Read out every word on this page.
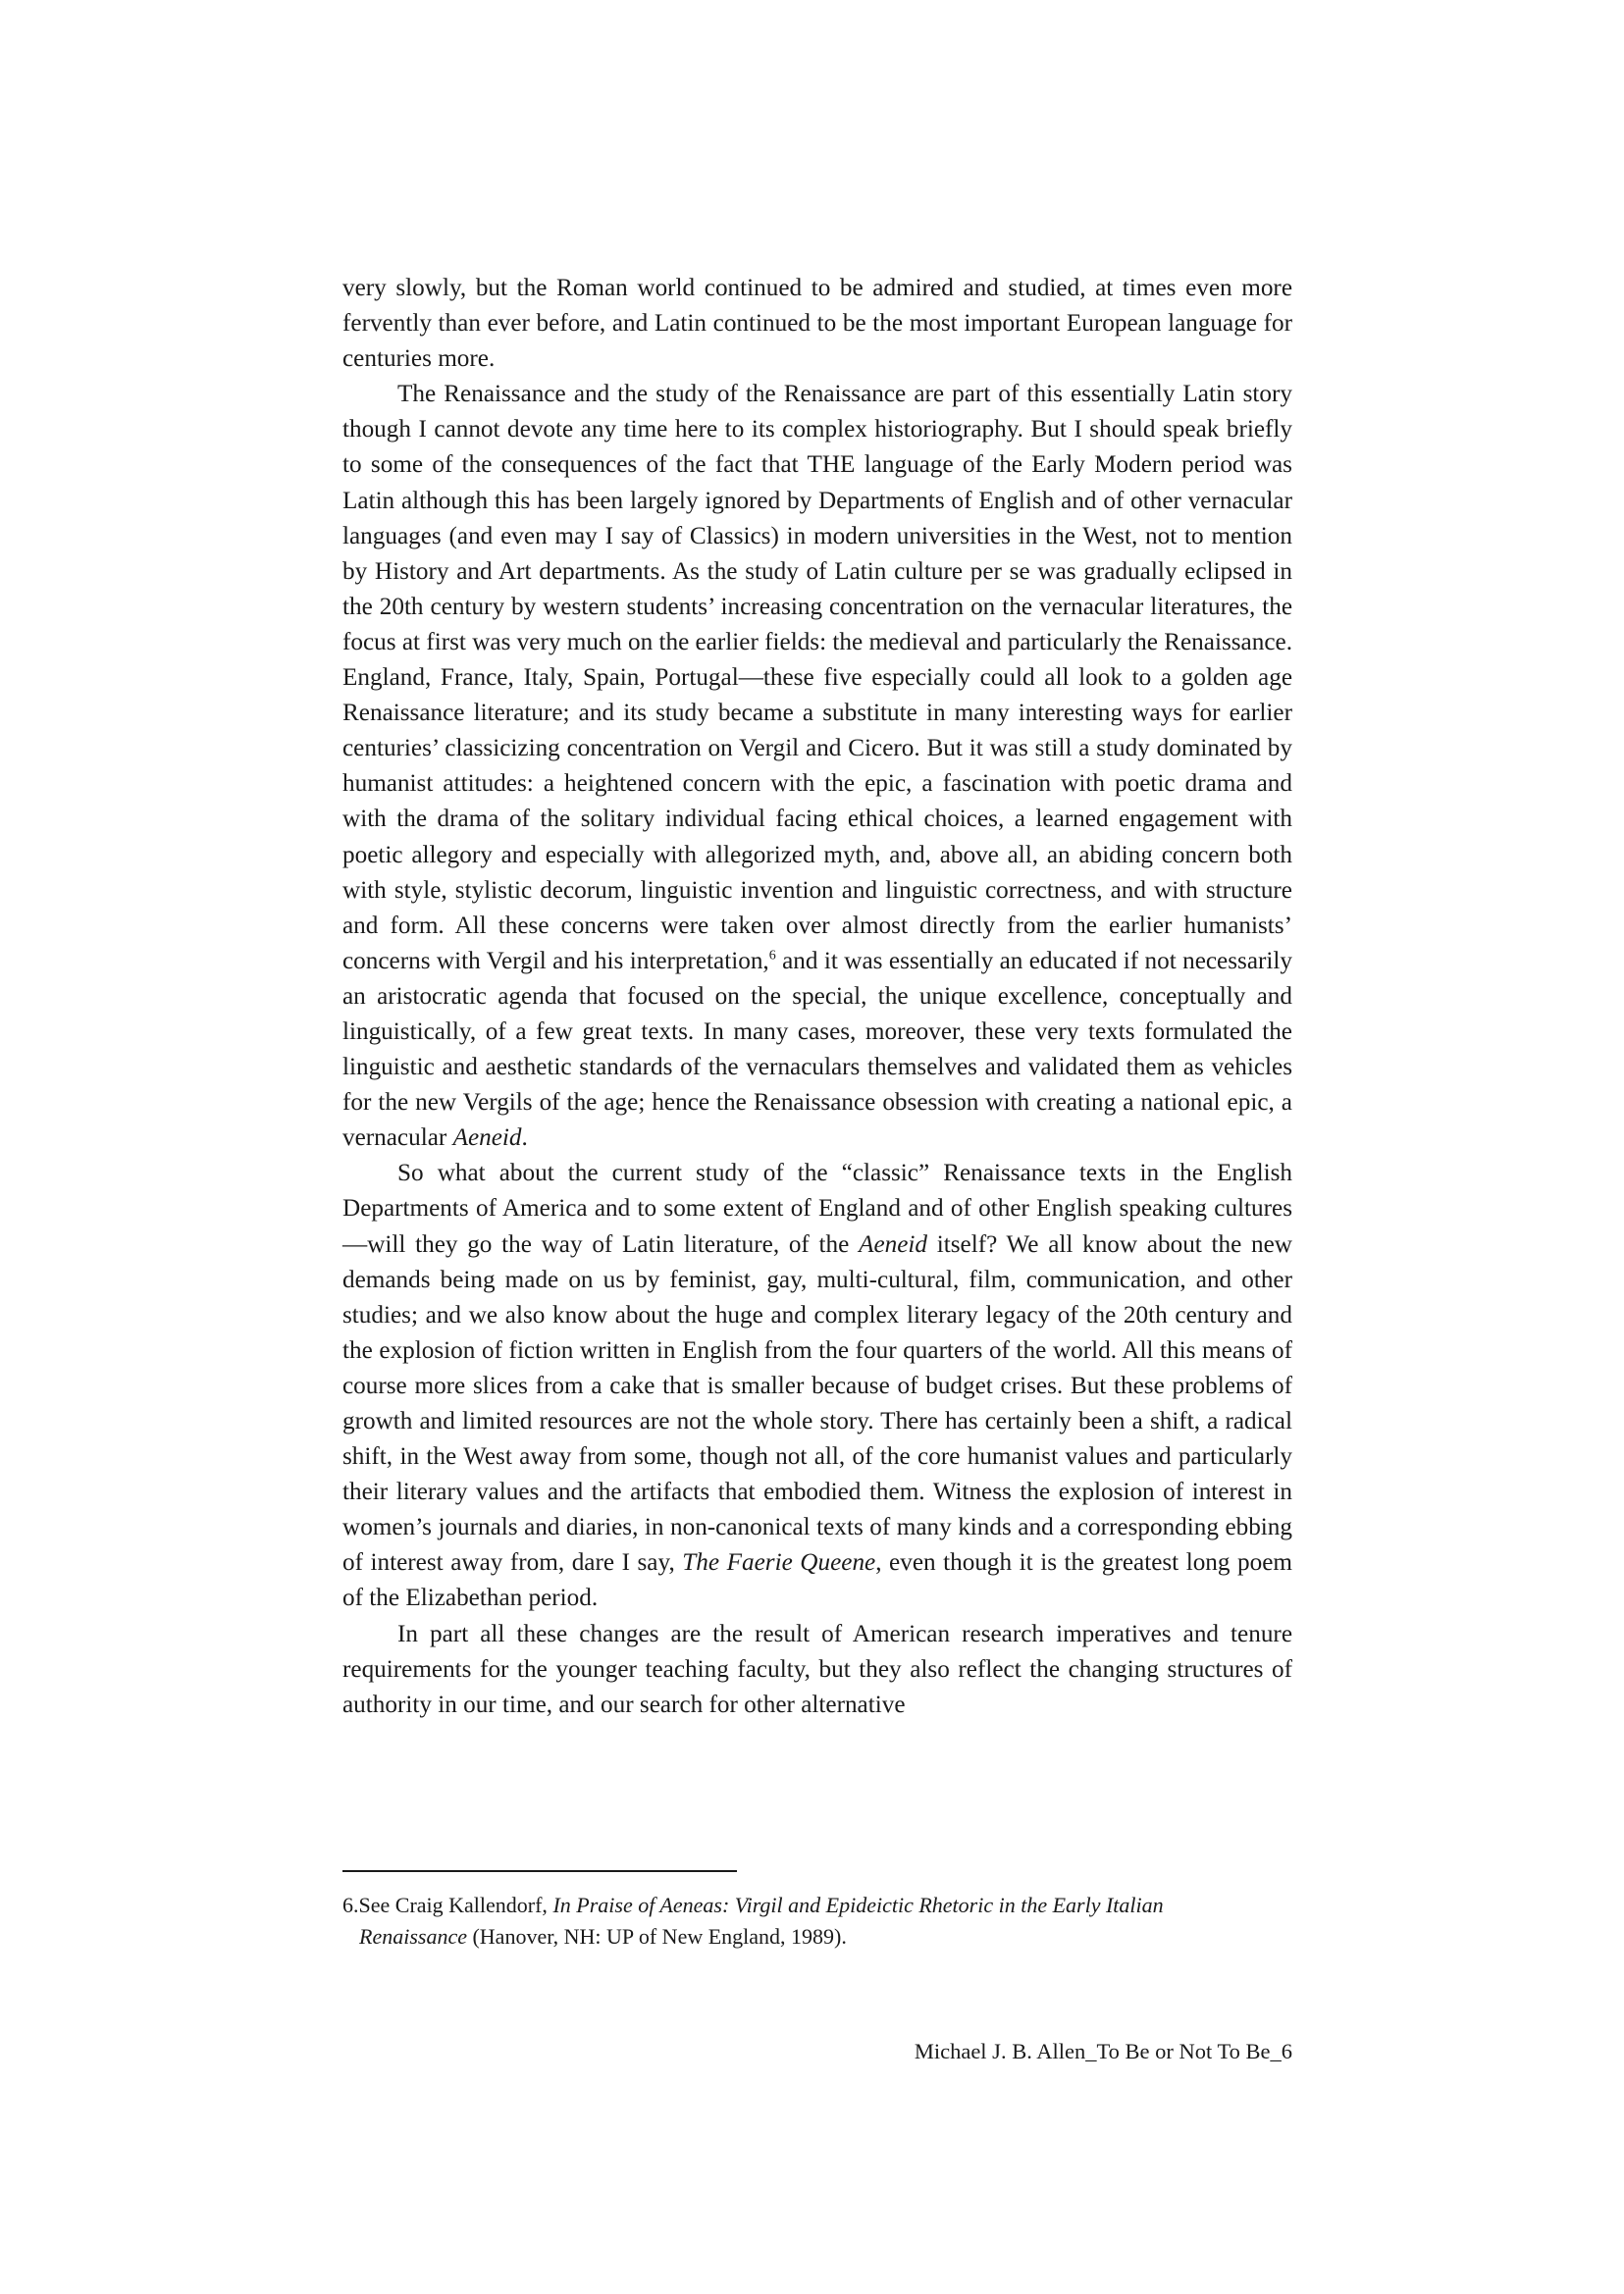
very slowly, but the Roman world continued to be admired and studied, at times even more fervently than ever before, and Latin continued to be the most important European language for centuries more.

The Renaissance and the study of the Renaissance are part of this essentially Latin story though I cannot devote any time here to its complex historiography. But I should speak briefly to some of the consequences of the fact that THE language of the Early Modern period was Latin although this has been largely ignored by Departments of English and of other vernacular languages (and even may I say of Classics) in modern universities in the West, not to mention by History and Art departments. As the study of Latin culture per se was gradually eclipsed in the 20th century by western students’ increasing concentration on the vernacular literatures, the focus at first was very much on the earlier fields: the medieval and particularly the Renaissance. England, France, Italy, Spain, Portugal—these five especially could all look to a golden age Renaissance literature; and its study became a substitute in many interesting ways for earlier centuries’ classicizing concentration on Vergil and Cicero. But it was still a study dominated by humanist attitudes: a heightened concern with the epic, a fascination with poetic drama and with the drama of the solitary individual facing ethical choices, a learned engagement with poetic allegory and especially with allegorized myth, and, above all, an abiding concern both with style, stylistic decorum, linguistic invention and linguistic correctness, and with structure and form. All these concerns were taken over almost directly from the earlier humanists’ concerns with Vergil and his interpretation,$^6$ and it was essentially an educated if not necessarily an aristocratic agenda that focused on the special, the unique excellence, conceptually and linguistically, of a few great texts. In many cases, moreover, these very texts formulated the linguistic and aesthetic standards of the vernaculars themselves and validated them as vehicles for the new Vergils of the age; hence the Renaissance obsession with creating a national epic, a vernacular Aeneid.

So what about the current study of the “classic” Renaissance texts in the English Departments of America and to some extent of England and of other English speaking cultures—will they go the way of Latin literature, of the Aeneid itself? We all know about the new demands being made on us by feminist, gay, multi-cultural, film, communication, and other studies; and we also know about the huge and complex literary legacy of the 20th century and the explosion of fiction written in English from the four quarters of the world. All this means of course more slices from a cake that is smaller because of budget crises. But these problems of growth and limited resources are not the whole story. There has certainly been a shift, a radical shift, in the West away from some, though not all, of the core humanist values and particularly their literary values and the artifacts that embodied them. Witness the explosion of interest in women’s journals and diaries, in non-canonical texts of many kinds and a corresponding ebbing of interest away from, dare I say, The Faerie Queene, even though it is the greatest long poem of the Elizabethan period.

In part all these changes are the result of American research imperatives and tenure requirements for the younger teaching faculty, but they also reflect the changing structures of authority in our time, and our search for other alternative

6.See Craig Kallendorf, In Praise of Aeneas: Virgil and Epideictic Rhetoric in the Early Italian
Renaissance (Hanover, NH: UP of New England, 1989).
Michael J. B. Allen_To Be or Not To Be_6
